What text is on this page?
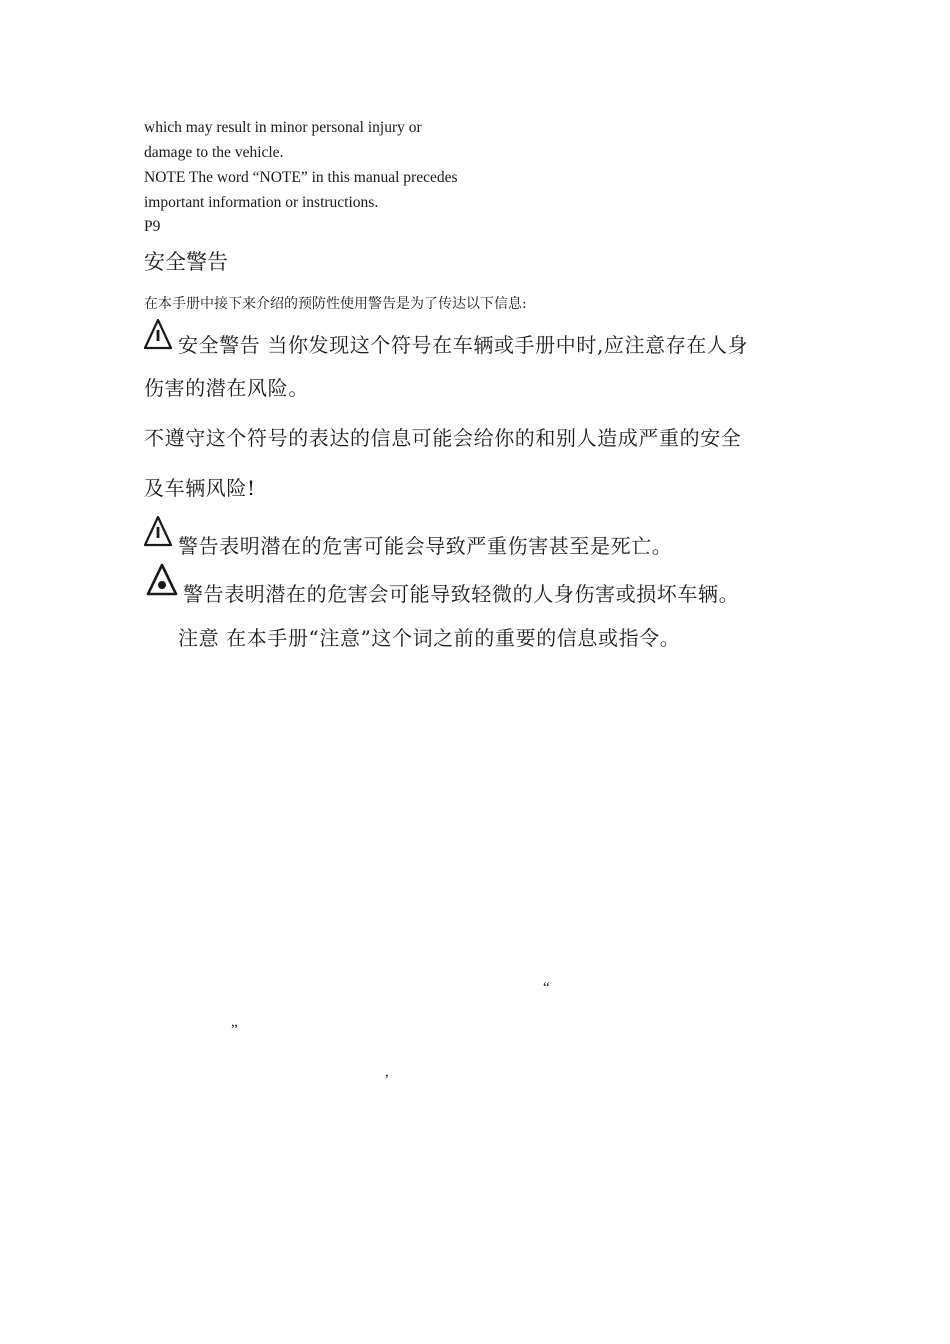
which may result in minor personal injury or
damage to the vehicle.
NOTE The word “NOTE” in this manual precedes
important information or instructions.
P9
安全警告
在本手册中接下来介绍的预防性使用警告是为了传达以下信息:
安全警告 当你发现这个符号在车辆或手册中时,应注意存在人身
伤害的潜在风险。
不遵守这个符号的表达的信息可能会给你的和别人造成严重的安全
及车辆风险!
警告表明潜在的危害可能会导致严重伤害甚至是死亡。
警告表明潜在的危害会可能导致轻微的人身伤害或损坏车辆。
注意 在本手册“注意”这个词之前的重要的信息或指令。
“
”
,
